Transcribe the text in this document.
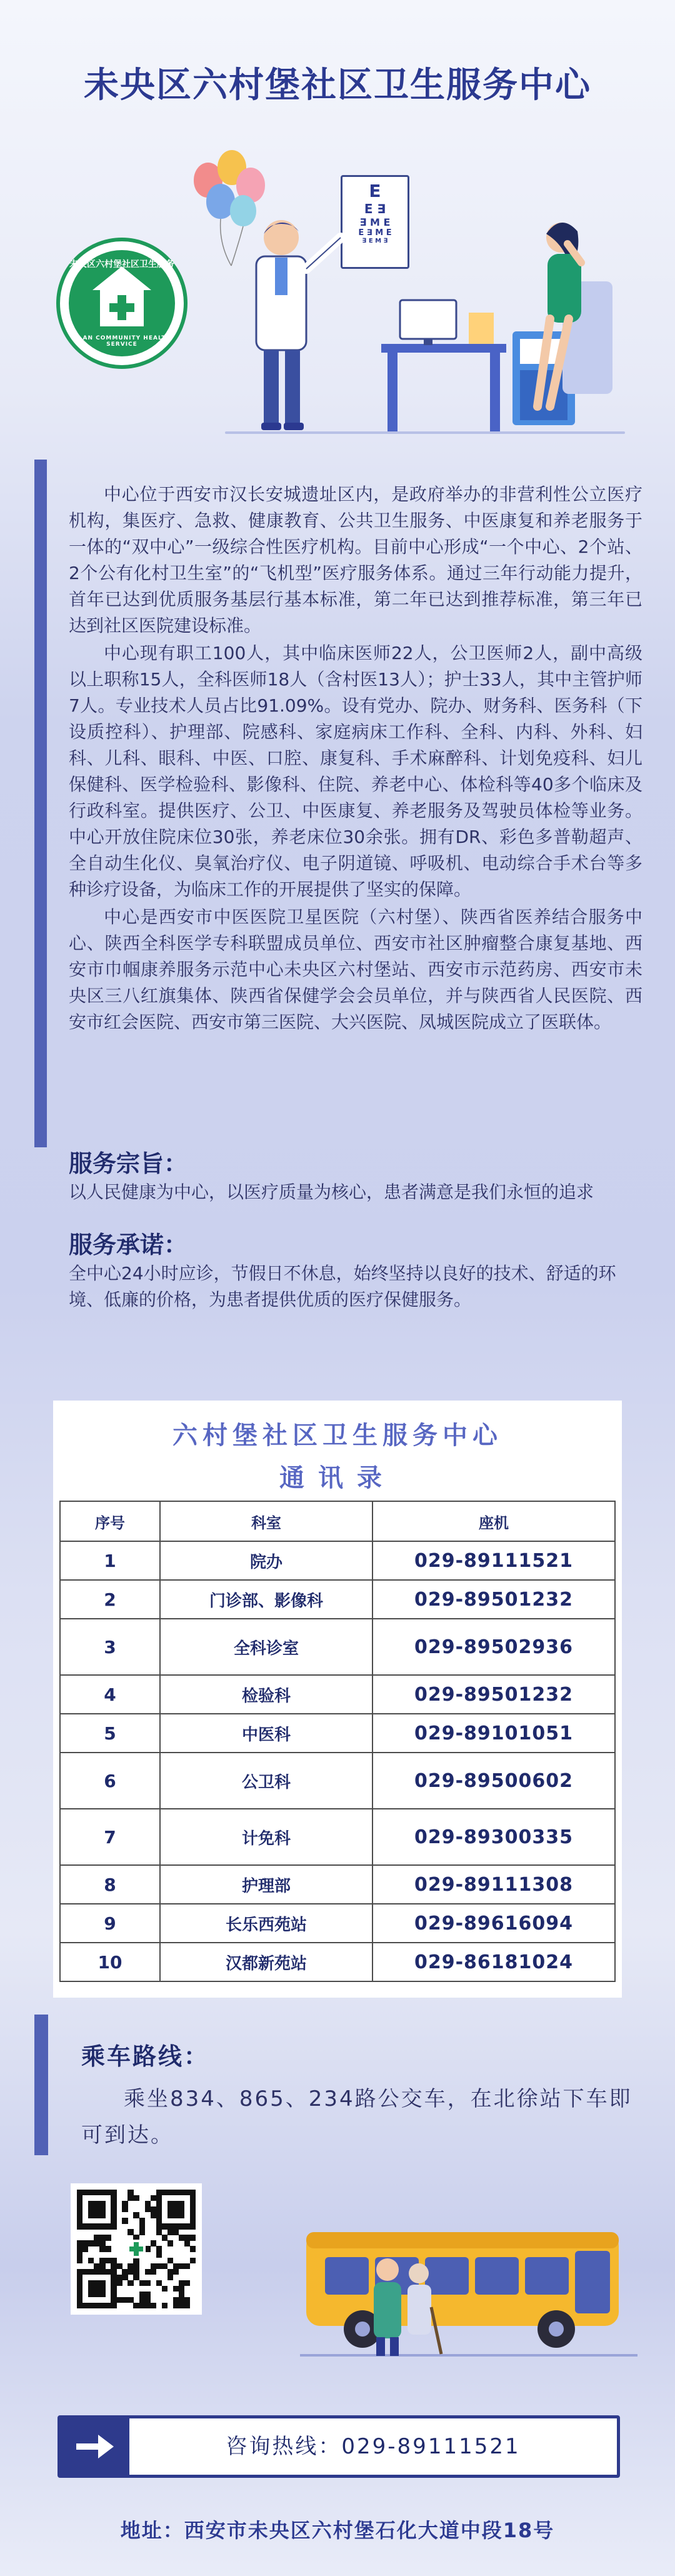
未央区六村堡社区卫生服务中心
未央区六村堡社区卫生服务
XI AN COMMUNITY HEALTH SERVICE
E
E ∃
∃ M E
E ∃ M E
∃ E M ∃

中心位于西安市汉长安城遗址区内，是政府举办的非营利性公立医疗机构，集医疗、急救、健康教育、公共卫生服务、中医康复和养老服务于一体的“双中心”一级综合性医疗机构。目前中心形成“一个中心、2个站、2个公有化村卫生室”的“飞机型”医疗服务体系。通过三年行动能力提升，首年已达到优质服务基层行基本标准，第二年已达到推荐标准，第三年已达到社区医院建设标准。

中心现有职工100人，其中临床医师22人，公卫医师2人，副中高级以上职称15人，全科医师18人（含村医13人）；护士33人，其中主管护师7人。专业技术人员占比91.09%。设有党办、院办、财务科、医务科（下设质控科）、护理部、院感科、家庭病床工作科、全科、内科、外科、妇科、儿科、眼科、中医、口腔、康复科、手术麻醉科、计划免疫科、妇儿保健科、医学检验科、影像科、住院、养老中心、体检科等40多个临床及行政科室。提供医疗、公卫、中医康复、养老服务及驾驶员体检等业务。中心开放住院床位30张，养老床位30余张。拥有DR、彩色多普勒超声、全自动生化仪、臭氧治疗仪、电子阴道镜、呼吸机、电动综合手术台等多种诊疗设备，为临床工作的开展提供了坚实的保障。

中心是西安市中医医院卫星医院（六村堡）、陕西省医养结合服务中心、陕西全科医学专科联盟成员单位、西安市社区肿瘤整合康复基地、西安市巾帼康养服务示范中心未央区六村堡站、西安市示范药房、西安市未央区三八红旗集体、陕西省保健学会会员单位，并与陕西省人民医院、西安市红会医院、西安市第三医院、大兴医院、凤城医院成立了医联体。

服务宗旨：
以人民健康为中心，以医疗质量为核心，患者满意是我们永恒的追求
服务承诺：
全中心24小时应诊，节假日不休息，始终坚持以良好的技术、舒适的环境、低廉的价格，为患者提供优质的医疗保健服务。
六村堡社区卫生服务中心
通讯录
序号	科室	座机
1	院办	029-89111521
2	门诊部、影像科	029-89501232
3	全科诊室	029-89502936
4	检验科	029-89501232
5	中医科	029-89101051
6	公卫科	029-89500602
7	计免科	029-89300335
8	护理部	029-89111308
9	长乐西苑站	029-89616094
10	汉都新苑站	029-86181024
乘车路线：
乘坐834、865、234路公交车，在北徐站下车即可到达。
咨询热线：029-89111521
地址：西安市未央区六村堡石化大道中段18号
